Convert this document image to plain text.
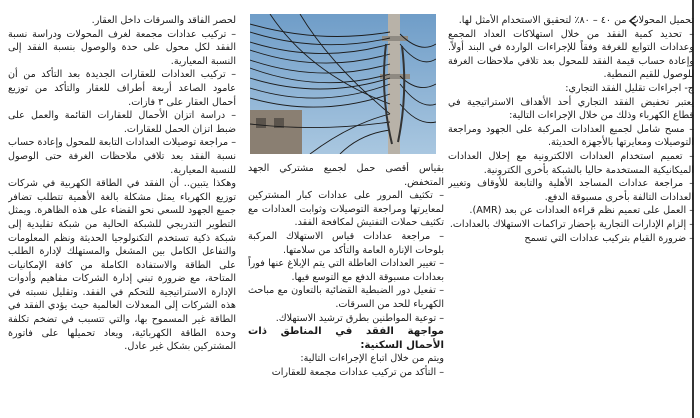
تحميل المحولات من ٤٠ – ٨٠٪ لتحقيق الاستخدام الأمثل لها.

– تحديد كمية الفقد من خلال استهلاكات العداد المجمع وعدادات التوابع للغرفة وفقاً للإجراءات الواردة في البند أولاً. وإعادة حساب قيمة الفقد للمحول بعد تلافي ملاحظات الغرفة للوصول للقيم النمطية.

ج- اجراءات تقليل الفقد التجاري:

يعتبر تخفيض الفقد التجاري أحد الأهداف الاستراتيجية في قطاع الكهرباء وذلك من خلال الإجراءات التالية:

– مسح شامل لجميع العدادات المركبة على الجهود ومراجعة التوصيلات ومعايرتها بالأجهزة الحديثة.

– تعميم استخدام العدادات الالكترونية مع إحلال العدادات الميكانيكية المستخدمة حاليا بالشبكة بأخرى الكترونية.

– مراجعة عدادات المساجد الأهلية والتابعة للأوقاف وتغيير العدادات التالفة بأخرى مسبوقة الدفع.

– العمل على تعميم نظم قراءة العدادات عن بعد (AMR).

– إلزام الإدارات التجارية بإحضار تراكمات الاستهلاك بالعدادات.

– ضرورة القيام بتركيب عدادات التي تسمح

بقياس أقصى حمل لجميع مشتركي الجهد المتخفض.

– تكثيف المرور على عدادات كبار المشتركين لمعايرتها ومراجعة التوصيلات وثوابت العدادات مع تكثيف حملات التفتيش لمكافحة الفقد.

– مراجعة عدادات قياس الاستهلاك المركبة بلوحات الإنارة العامة والتأكد من سلامتها.

– تغيير العدادات العاطلة التي يتم الإبلاغ عنها فوراً بعدادات مسبوقة الدفع مع التوسع فيها.

– تفعيل دور الضبطية القضائية بالتعاون مع مباحث الكهرباء للحد من السرقات.

– توعية المواطنين بطرق ترشيد الاستهلاك.

مواجهة الفقد في المناطق ذات الأحمال السكنية:

ويتم من خلال اتباع الإجراءات التالية:

– التأكد من تركيب عدادات مجمعة للعقارات

لحصر الفاقد والسرقات داخل العقار.

– تركيب عدادات مجمعة لغرف المحولات ودراسة نسبة الفقد لكل محول على حدة والوصول بنسبة الفقد إلى النسبة المعيارية.

– تركيب العدادات للعقارات الجديدة بعد التأكد من أن عامود الصاعد أربعة أطراف للعقار والتأكد من توزيع أحمال العقار على ٣ فازات.

– دراسة اتزان الأحمال للعقارات القائمة والعمل على ضبط اتزان الحمل للعقارات.

– مراجعة توصيلات العدادات التابعة للمحول وإعادة حساب نسبة الفقد بعد تلافي ملاحظات الغرفة حتى الوصول للنسبة المعيارية.

وهكذا يتبين.. أن الفقد في الطاقة الكهربية في شركات توزيع الكهرباء يمثل مشكلة بالغة الأهمية تتطلب تضافر جميع الجهود للسعي نحو القضاء على هذه الظاهرة. ويمثل التطوير التدريجي للشبكة الحالية من شبكة تقليدية إلى شبكة ذكية تستخدم التكنولوجيا الحديثة ونظم المعلومات والتفاعل الكامل بين المشغل والمستهلك لإدارة الطلب على الطاقة والاستفادة الكاملة من كافة الإمكانيات المتاحة، مع ضرورة تبني إدارة الشركات مفاهيم وأدوات الإدارة الاستراتيجية للتحكم في الفقد. وتقليل نسبته في هذه الشركات إلى المعدلات العالمية حيث يؤدي الفقد في الطاقة غير المسموح بها، والتي تتسبب في تضخم تكلفة وحدة الطاقة الكهربائية، ويعاد تحميلها على فاتورة المشتركين بشكل غير عادل.
